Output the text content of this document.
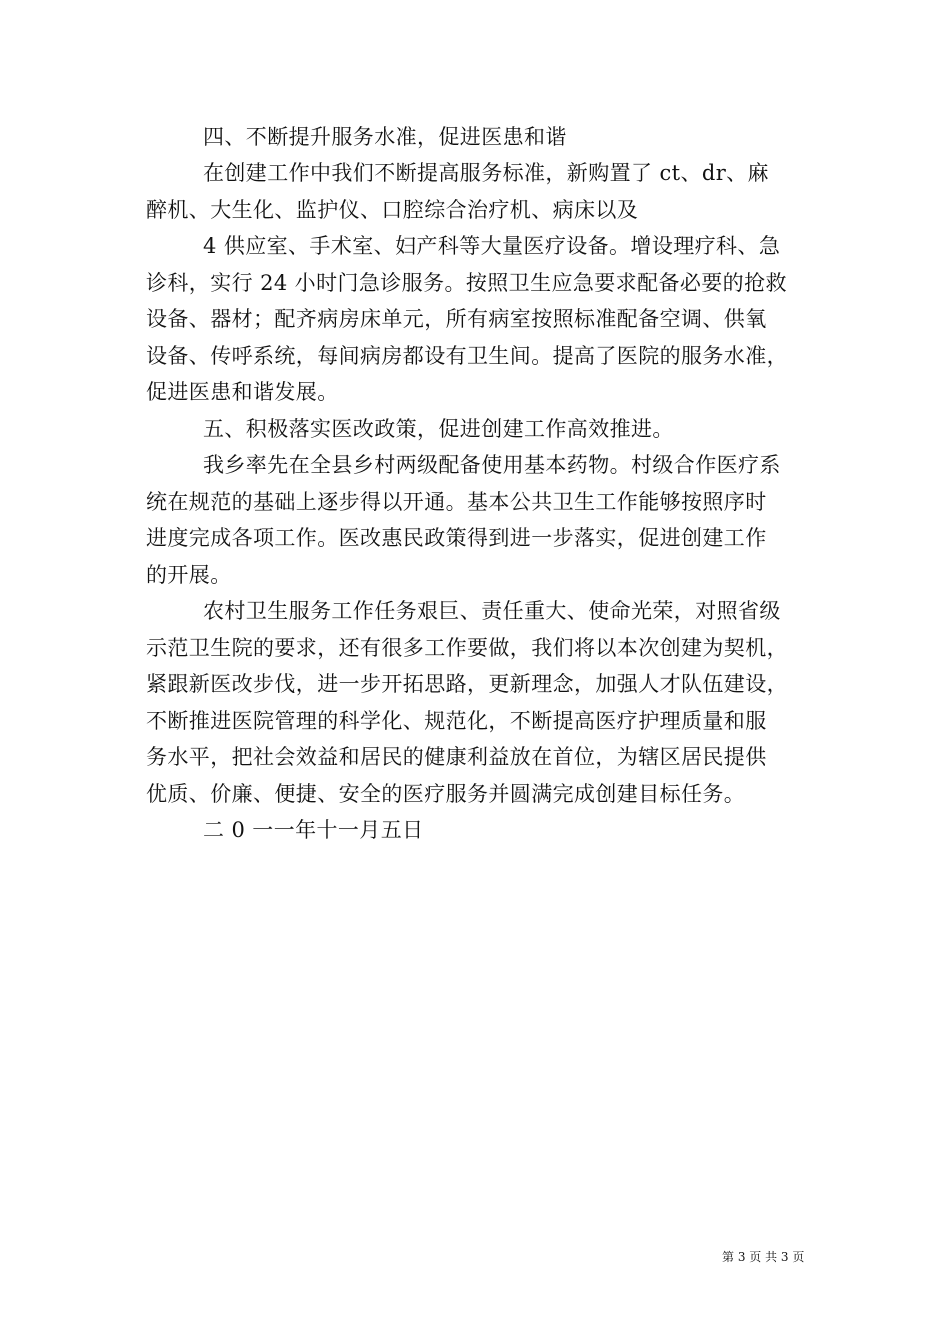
四、不断提升服务水准，促进医患和谐
在创建工作中我们不断提高服务标准，新购置了 ct、dr、麻
醉机、大生化、监护仪、口腔综合治疗机、病床以及
4 供应室、手术室、妇产科等大量医疗设备。增设理疗科、急
诊科，实行 24 小时门急诊服务。按照卫生应急要求配备必要的抢救
设备、器材；配齐病房床单元，所有病室按照标准配备空调、供氧
设备、传呼系统，每间病房都设有卫生间。提高了医院的服务水准，
促进医患和谐发展。
五、积极落实医改政策，促进创建工作高效推进。
我乡率先在全县乡村两级配备使用基本药物。村级合作医疗系
统在规范的基础上逐步得以开通。基本公共卫生工作能够按照序时
进度完成各项工作。医改惠民政策得到进一步落实，促进创建工作
的开展。
农村卫生服务工作任务艰巨、责任重大、使命光荣，对照省级
示范卫生院的要求，还有很多工作要做，我们将以本次创建为契机，
紧跟新医改步伐，进一步开拓思路，更新理念，加强人才队伍建设，
不断推进医院管理的科学化、规范化，不断提高医疗护理质量和服
务水平，把社会效益和居民的健康利益放在首位，为辖区居民提供
优质、价廉、便捷、安全的医疗服务并圆满完成创建目标任务。
二 0 一一年十一月五日
第 3 页 共 3 页
